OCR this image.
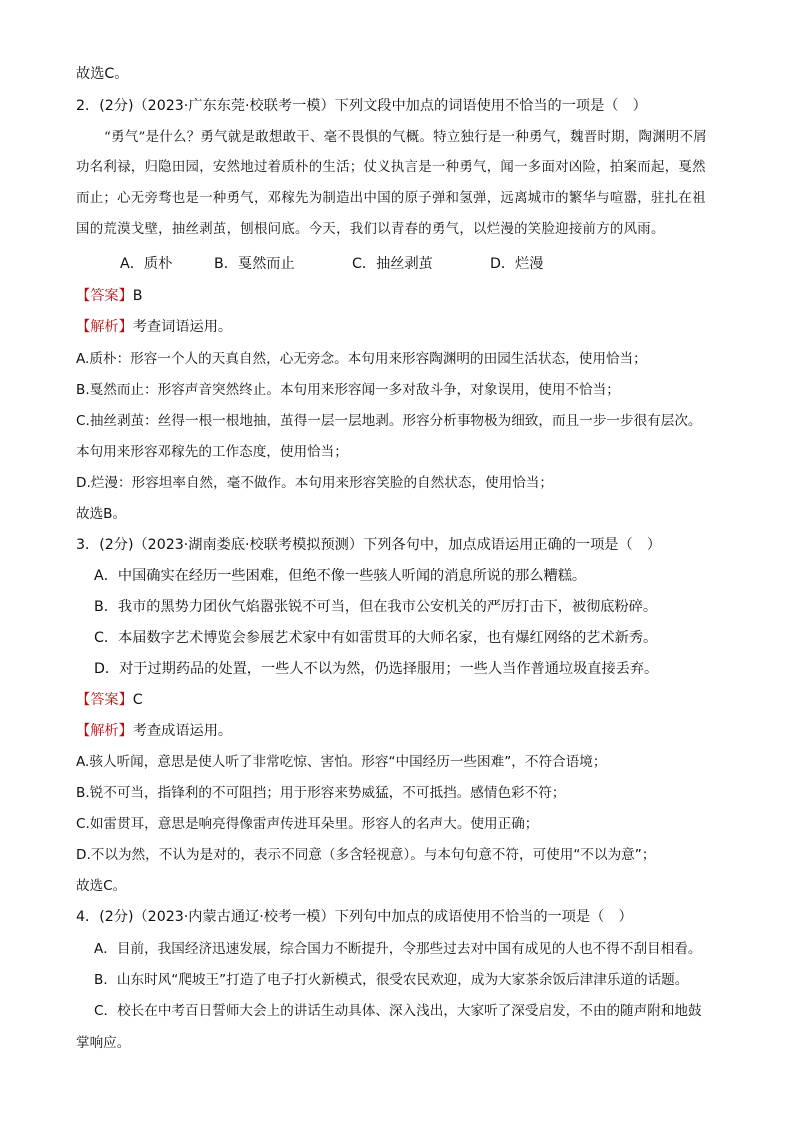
故选C。
2．(2分)（2023·广东东莞·校联考一模）下列文段中加点的词语使用不恰当的一项是（　）
“勇气”是什么？勇气就是敢想敢干、毫不畏惧的气概。特立独行是一种勇气，魏晋时期，陶渊明不屑
功名利禄，归隐田园，安然地过着质朴的生活；仗义执言是一种勇气，闻一多面对凶险，拍案而起，戛然
而止；心无旁骛也是一种勇气，邓稼先为制造出中国的原子弹和氢弹，远离城市的繁华与喧嚣，驻扎在祖
国的荒漠戈壁，抽丝剥茧，刨根问底。今天，我们以青春的勇气，以烂漫的笑脸迎接前方的风雨。
A．质朴	B．戛然而止	C．抽丝剥茧	D．烂漫
【答案】B
【解析】考查词语运用。
A.质朴：形容一个人的天真自然，心无旁念。本句用来形容陶渊明的田园生活状态，使用恰当；
B.戛然而止：形容声音突然终止。本句用来形容闻一多对敌斗争，对象误用，使用不恰当；
C.抽丝剥茧：丝得一根一根地抽，茧得一层一层地剥。形容分析事物极为细致，而且一步一步很有层次。
本句用来形容邓稼先的工作态度，使用恰当；
D.烂漫：形容坦率自然，毫不做作。本句用来形容笑脸的自然状态，使用恰当；
故选B。
3．(2分)（2023·湖南娄底·校联考模拟预测）下列各句中，加点成语运用正确的一项是（　）
A．中国确实在经历一些困难，但绝不像一些骇人听闻的消息所说的那么糟糕。
B．我市的黑势力团伙气焰嚣张锐不可当，但在我市公安机关的严厉打击下，被彻底粉碎。
C．本届数字艺术博览会参展艺术家中有如雷贯耳的大师名家，也有爆红网络的艺术新秀。
D．对于过期药品的处置，一些人不以为然，仍选择服用；一些人当作普通垃圾直接丢弃。
【答案】C
【解析】考查成语运用。
A.骇人听闻，意思是使人听了非常吃惊、害怕。形容“中国经历一些困难”，不符合语境；
B.锐不可当，指锋利的不可阻挡；用于形容来势威猛，不可抵挡。感情色彩不符；
C.如雷贯耳，意思是响亮得像雷声传进耳朵里。形容人的名声大。使用正确；
D.不以为然，不认为是对的，表示不同意（多含轻视意）。与本句句意不符，可使用“不以为意”；
故选C。
4．(2分)（2023·内蒙古通辽·校考一模）下列句中加点的成语使用不恰当的一项是（　）
A．目前，我国经济迅速发展，综合国力不断提升，令那些过去对中国有成见的人也不得不刮目相看。
B．山东时风“爬坡王”打造了电子打火新模式，很受农民欢迎，成为大家茶余饭后津津乐道的话题。
C．校长在中考百日誓师大会上的讲话生动具体、深入浅出，大家听了深受启发，不由的随声附和地鼓
掌响应。
